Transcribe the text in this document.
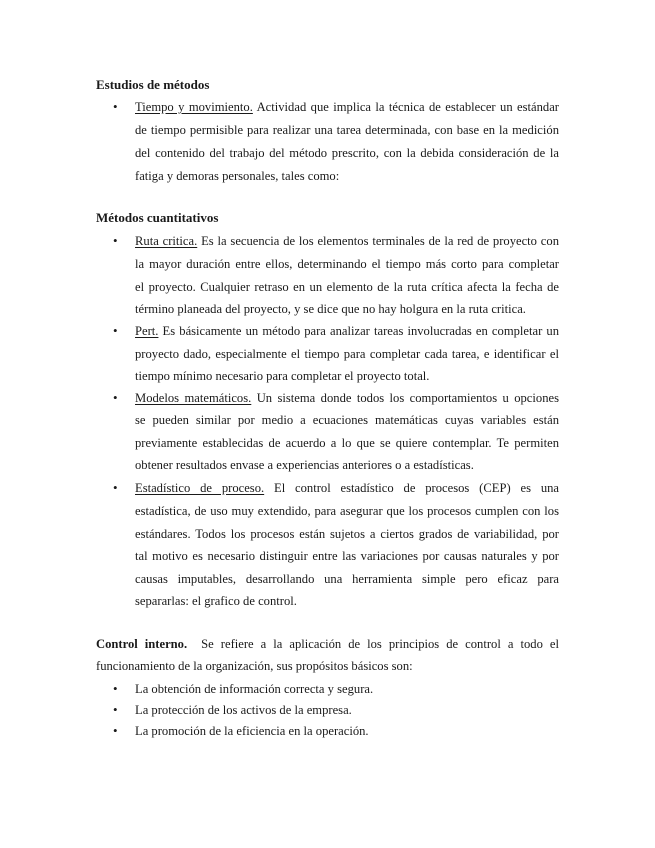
Estudios de métodos
• Tiempo y movimiento. Actividad que implica la técnica de establecer un estándar
de tiempo permisible para realizar una tarea determinada, con base en la medición
del contenido del trabajo del método prescrito, con la debida consideración de la
fatiga y demoras personales, tales como:
Métodos cuantitativos
• Ruta critica. Es la secuencia de los elementos terminales de la red de proyecto con
la mayor duración entre ellos, determinando el tiempo más corto para completar
el proyecto. Cualquier retraso en un elemento de la ruta crítica afecta la fecha de
término planeada del proyecto, y se dice que no hay holgura en la ruta critica.
• Pert. Es básicamente un método para analizar tareas involucradas en completar un
proyecto dado, especialmente el tiempo para completar cada tarea, e identificar el
tiempo mínimo necesario para completar el proyecto total.
• Modelos matemáticos. Un sistema donde todos los comportamientos u opciones
se pueden similar por medio a ecuaciones matemáticas cuyas variables están
previamente establecidas de acuerdo a lo que se quiere contemplar. Te permiten
obtener resultados envase a experiencias anteriores o a estadísticas.
• Estadístico de proceso. El control estadístico de procesos (CEP) es una
estadística, de uso muy extendido, para asegurar que los procesos cumplen con los
estándares. Todos los procesos están sujetos a ciertos grados de variabilidad, por
tal motivo es necesario distinguir entre las variaciones por causas naturales y por
causas imputables, desarrollando una herramienta simple pero eficaz para
separarlas: el grafico de control.
Control interno.  Se refiere a la aplicación de los principios de control a todo el
funcionamiento de la organización, sus propósitos básicos son:
• La obtención de información correcta y segura.
• La protección de los activos de la empresa.
• La promoción de la eficiencia en la operación.
